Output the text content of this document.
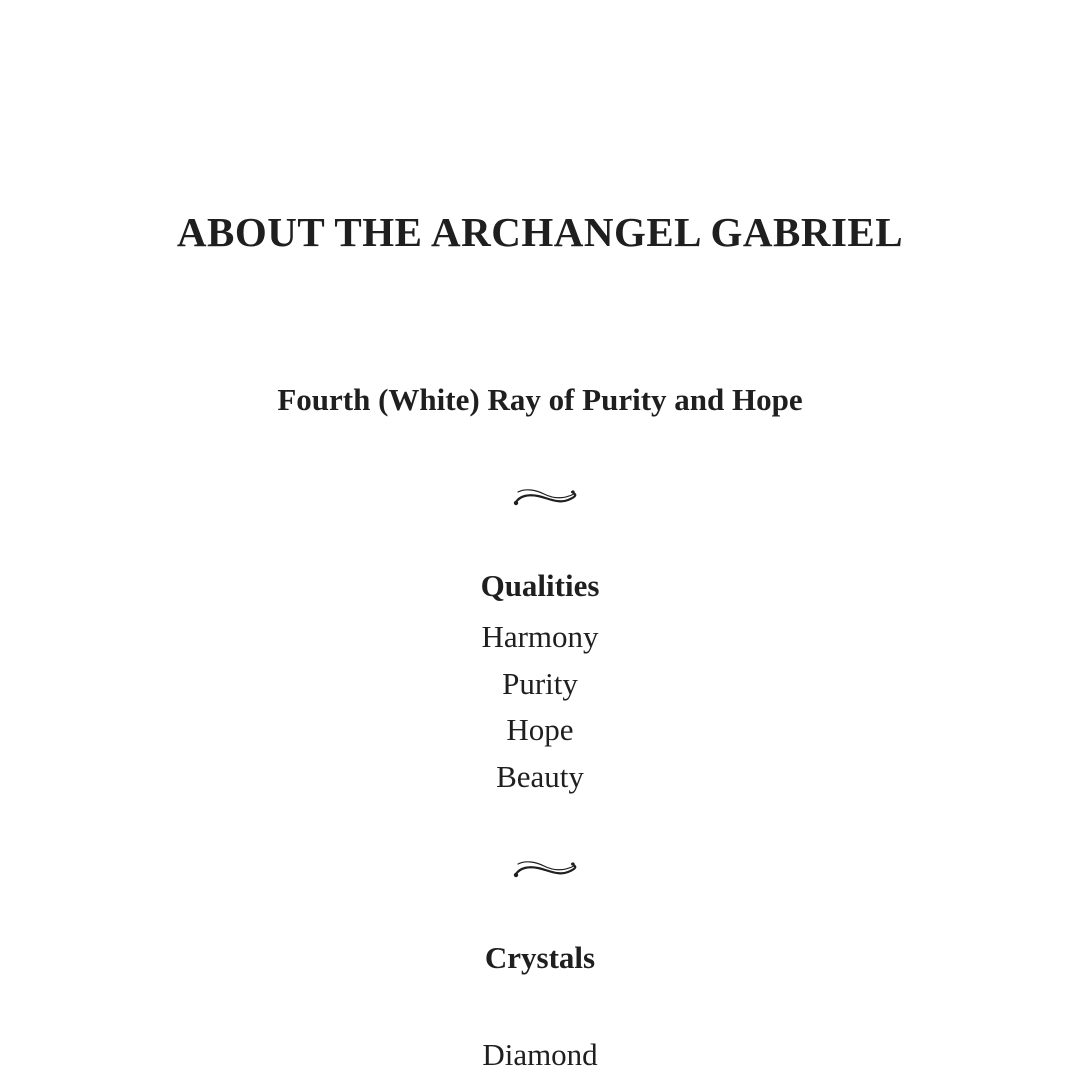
ABOUT THE ARCHANGEL GABRIEL
Fourth (White) Ray of Purity and Hope
Qualities
Harmony
Purity
Hope
Beauty
Crystals
Diamond
